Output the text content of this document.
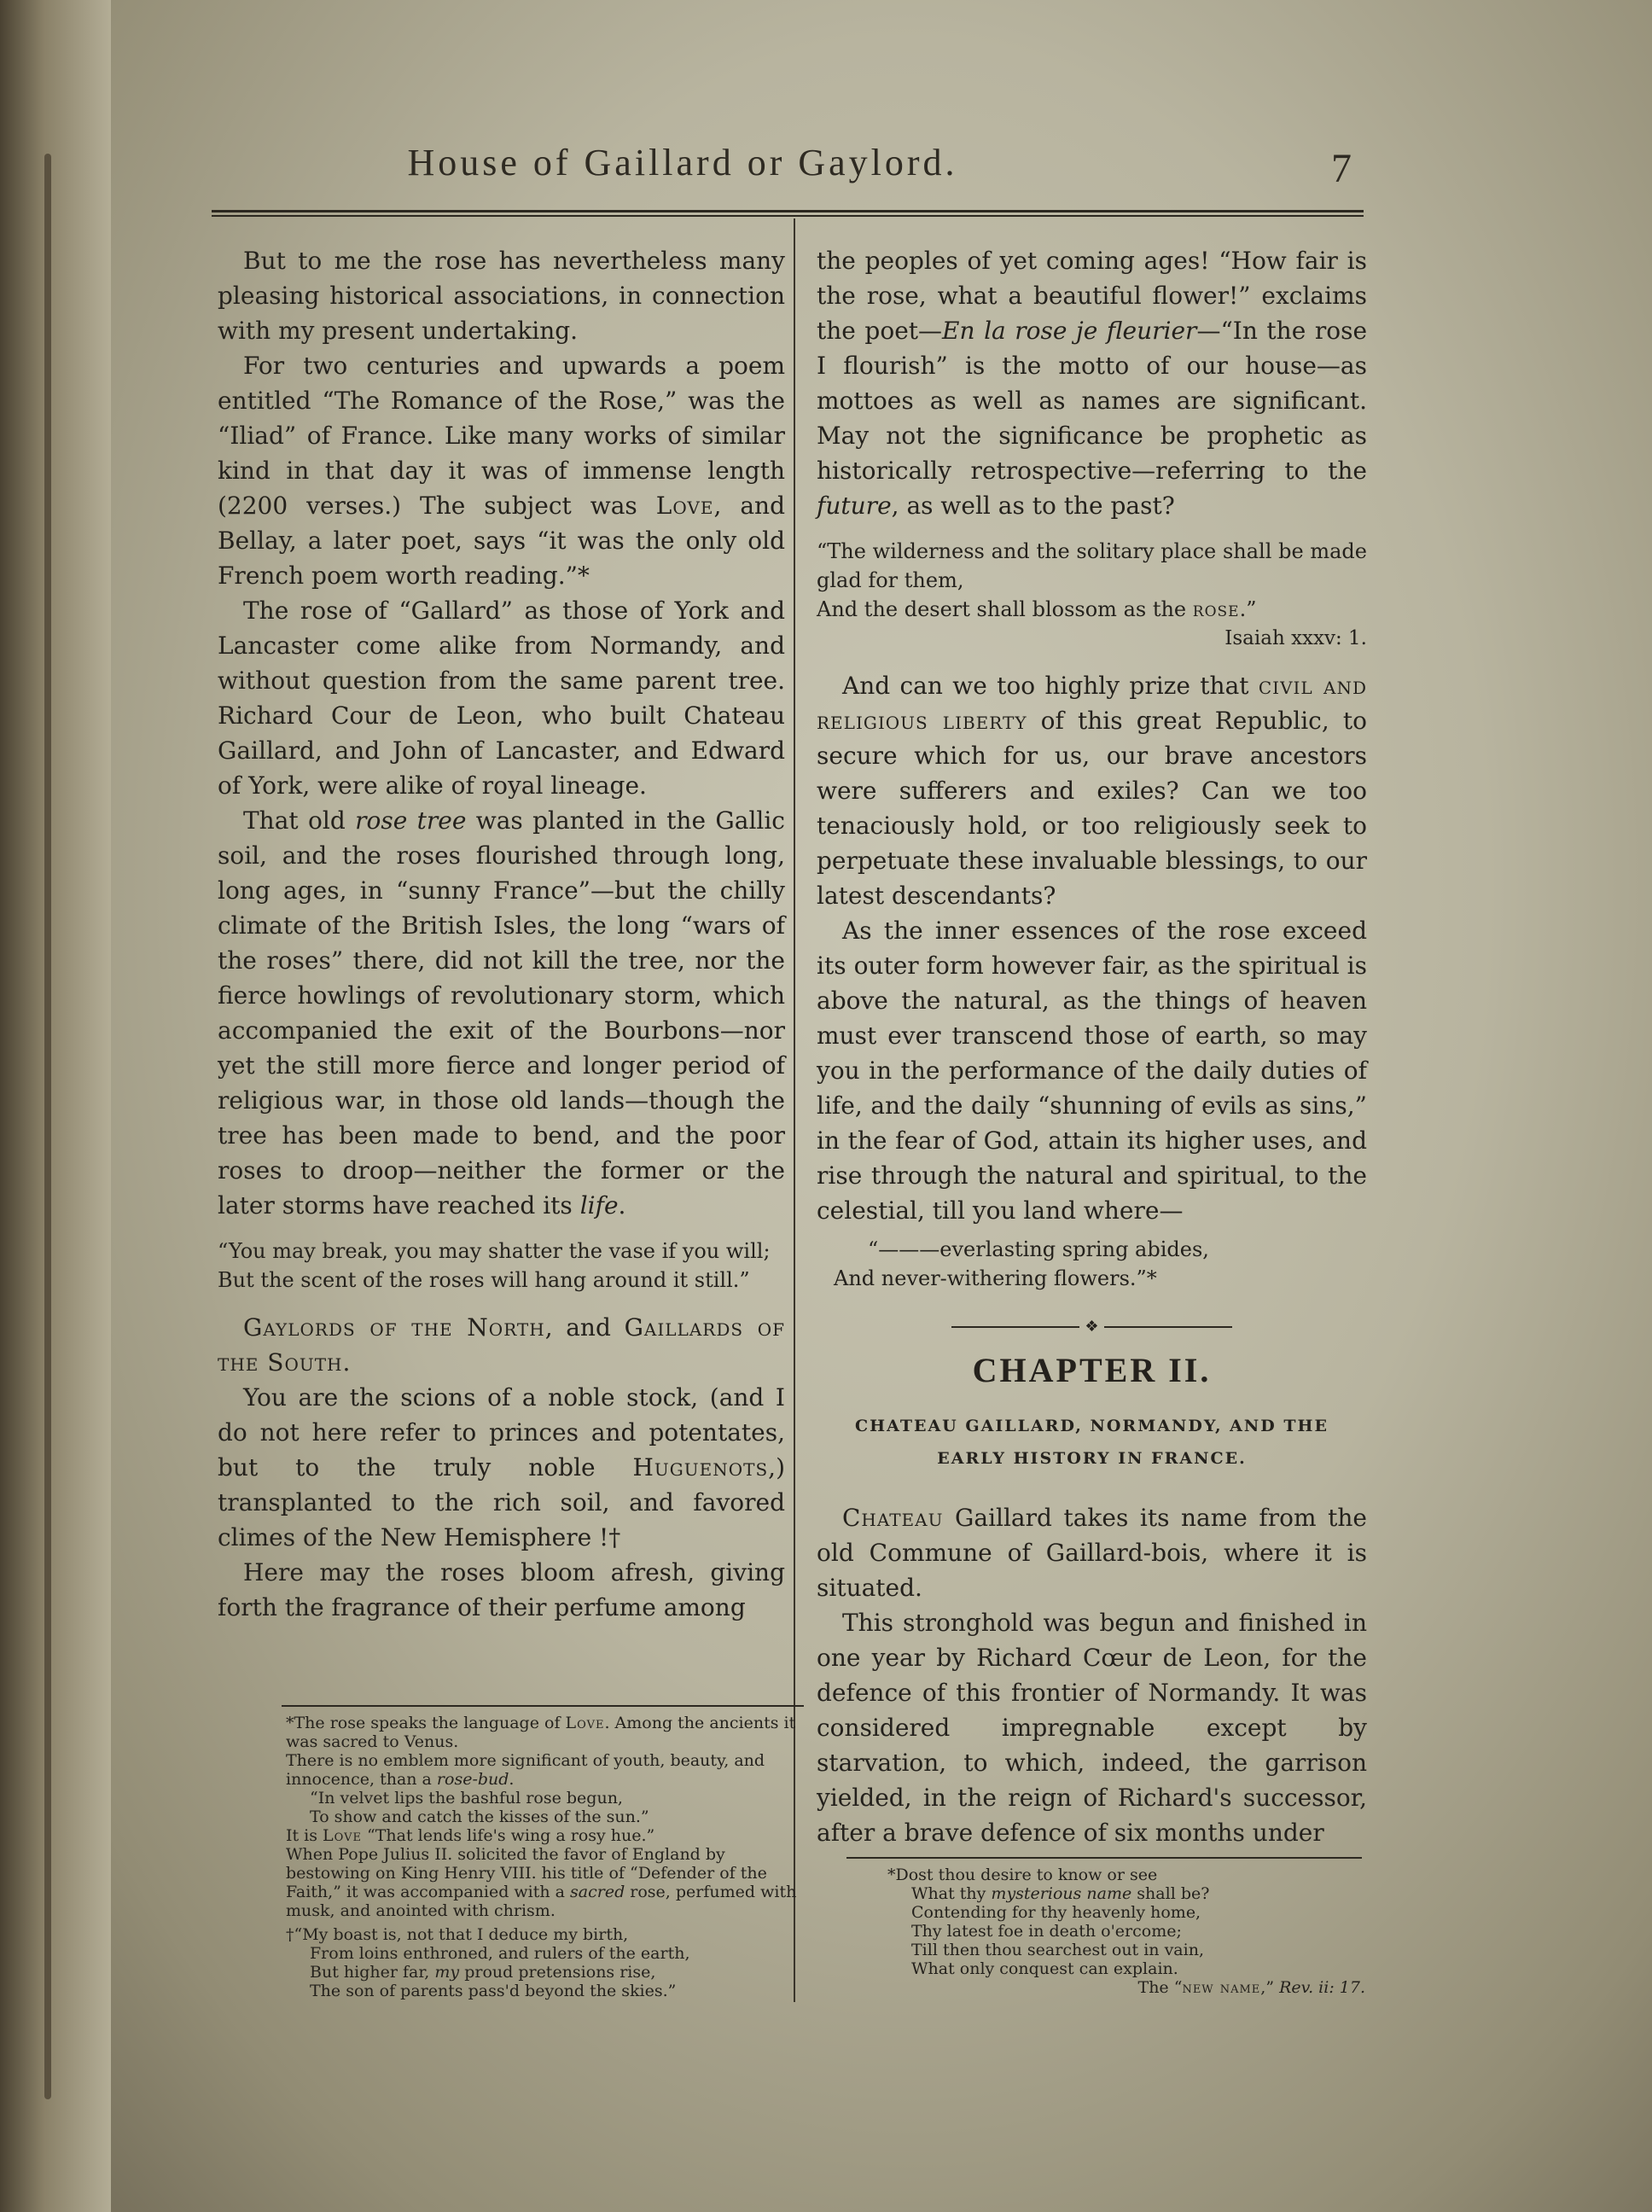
House of Gaillard or Gaylord.	7

But to me the rose has nevertheless many pleasing historical associations, in connection with my present undertaking.

For two centuries and upwards a poem entitled “The Romance of the Rose,” was the “Iliad” of France. Like many works of similar kind in that day it was of immense length (2200 verses.) The subject was Love, and Bellay, a later poet, says “it was the only old French poem worth reading.”*

The rose of “Gallard” as those of York and Lancaster come alike from Normandy, and without question from the same parent tree. Richard Cour de Leon, who built Chateau Gaillard, and John of Lancaster, and Edward of York, were alike of royal lineage.

That old rose tree was planted in the Gallic soil, and the roses flourished through long, long ages, in “sunny France”—but the chilly climate of the British Isles, the long “wars of the roses” there, did not kill the tree, nor the fierce howlings of revolutionary storm, which accompanied the exit of the Bourbons—nor yet the still more fierce and longer period of religious war, in those old lands—though the tree has been made to bend, and the poor roses to droop—neither the former or the later storms have reached its life.

“You may break, you may shatter the vase if you will;
But the scent of the roses will hang around it still.”

Gaylords of the North, and Gaillards of the South.

You are the scions of a noble stock, (and I do not here refer to princes and potentates, but to the truly noble Huguenots,) transplanted to the rich soil, and favored climes of the New Hemisphere !†

Here may the roses bloom afresh, giving forth the fragrance of their perfume among

the peoples of yet coming ages! “How fair is the rose, what a beautiful flower!” exclaims the poet—En la rose je fleurier—“In the rose I flourish” is the motto of our house—as mottoes as well as names are significant. May not the significance be prophetic as historically retrospective—referring to the future, as well as to the past?

“The wilderness and the solitary place shall be made glad for them,
And the desert shall blossom as the rose.”
Isaiah xxxv: 1.

And can we too highly prize that civil and religious liberty of this great Republic, to secure which for us, our brave ancestors were sufferers and exiles? Can we too tenaciously hold, or too religiously seek to perpetuate these invaluable blessings, to our latest descendants?

As the inner essences of the rose exceed its outer form however fair, as the spiritual is above the natural, as the things of heaven must ever transcend those of earth, so may you in the performance of the daily duties of life, and the daily “shunning of evils as sins,” in the fear of God, attain its higher uses, and rise through the natural and spiritual, to the celestial, till you land where—

“———everlasting spring abides,
And never-withering flowers.”*
❖
CHAPTER II.
CHATEAU GAILLARD, NORMANDY, AND THE
EARLY HISTORY IN FRANCE.

Chateau Gaillard takes its name from the old Commune of Gaillard-bois, where it is situated.

This stronghold was begun and finished in one year by Richard Cœur de Leon, for the defence of this frontier of Normandy. It was considered impregnable except by starvation, to which, indeed, the garrison yielded, in the reign of Richard's successor, after a brave defence of six months under

*The rose speaks the language of Love. Among the ancients it was sacred to Venus.
There is no emblem more significant of youth, beauty, and innocence, than a rose-bud.
“In velvet lips the bashful rose begun,
To show and catch the kisses of the sun.”
It is Love “That lends life's wing a rosy hue.”
When Pope Julius II. solicited the favor of England by bestowing on King Henry VIII. his title of “Defender of the Faith,” it was accompanied with a sacred rose, perfumed with musk, and anointed with chrism.
†“My boast is, not that I deduce my birth,
From loins enthroned, and rulers of the earth,
But higher far, my proud pretensions rise,
The son of parents pass'd beyond the skies.”
*Dost thou desire to know or see
What thy mysterious name shall be?
Contending for thy heavenly home,
Thy latest foe in death o'ercome;
Till then thou searchest out in vain,
What only conquest can explain.
The “new name,” Rev. ii: 17.
